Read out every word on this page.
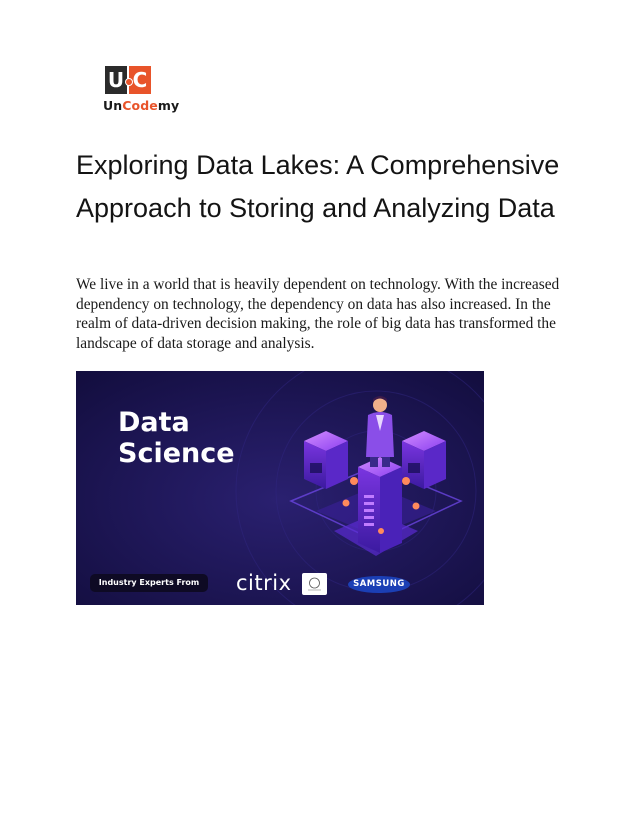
U C
UnCodemy
Exploring Data Lakes: A Comprehensive Approach to Storing and Analyzing Data

We live in a world that is heavily dependent on technology. With the increased dependency on technology, the dependency on data has also increased. In the realm of data-driven decision making, the role of big data has transformed the landscape of data storage and analysis.

Data
Science
Industry Experts From	citrix	SAMSUNG
